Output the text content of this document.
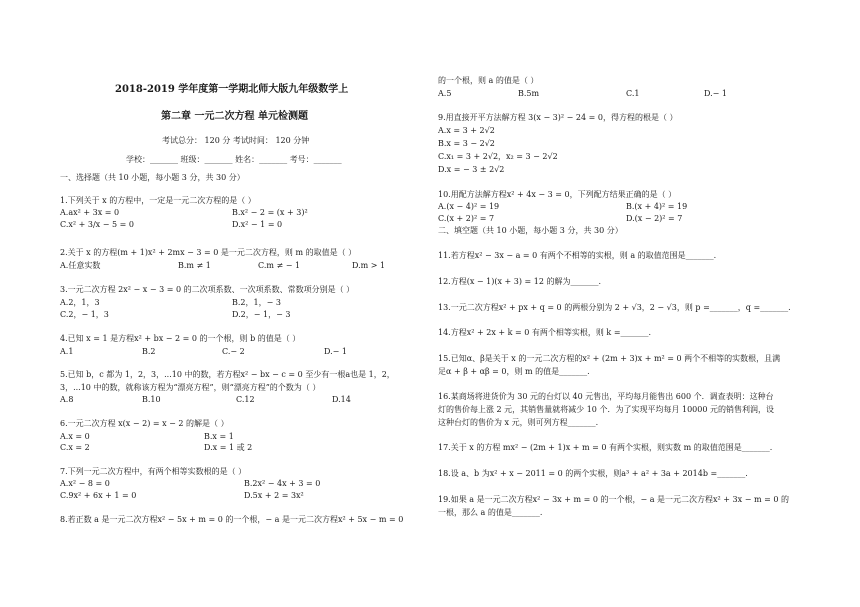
2018-2019 学年度第一学期北师大版九年级数学上
第二章 一元二次方程 单元检测题
考试总分： 120 分 考试时间： 120 分钟
学校：_______ 班级：_______ 姓名：_______ 考号：_______
一、选择题（共 10 小题，每小题 3 分，共 30 分）
1.下列关于 x 的方程中，一定是一元二次方程的是（ ）
A.ax² + 3x = 0	B.x² − 2 = (x + 3)²
C.x² + 3/x − 5 = 0	D.x² − 1 = 0
2.关于 x 的方程(m + 1)x² + 2mx − 3 = 0 是一元二次方程，则 m 的取值是（ ）
A.任意实数	B.m ≠ 1	C.m ≠ − 1	D.m > 1
3.一元二次方程 2x² − x − 3 = 0 的二次项系数、一次项系数、常数项分别是（ ）
A.2，1，3	B.2，1，− 3
C.2，− 1，3	D.2，− 1，− 3
4.已知 x = 1 是方程x² + bx − 2 = 0 的一个根，则 b 的值是（ ）
A.1	B.2	C.− 2	D.− 1
5.已知 b，c 都为 1，2，3，...10 中的数，若方程x² − bx − c = 0 至少有一根a也是 1，2，
3，...10 中的数，就称该方程为“漂亮方程”，则“漂亮方程”的个数为（ ）
A.8	B.10	C.12	D.14
6.一元二次方程 x(x − 2) = x − 2 的解是（ ）
A.x = 0	B.x = 1
C.x = 2	D.x = 1 或 2
7.下列一元二次方程中，有两个相等实数根的是（ ）
A.x² − 8 = 0	B.2x² − 4x + 3 = 0
C.9x² + 6x + 1 = 0	D.5x + 2 = 3x²
8.若正数 a 是一元二次方程x² − 5x + m = 0 的一个根，− a 是一元二次方程x² + 5x − m = 0
的一个根，则 a 的值是（ ）
A.5	B.5m	C.1	D.− 1
9.用直接开平方法解方程 3(x − 3)² − 24 = 0，得方程的根是（ ）
A.x = 3 + 2√2
B.x = 3 − 2√2
C.x₁ = 3 + 2√2，x₂ = 3 − 2√2
D.x = − 3 ± 2√2
10.用配方法解方程x² + 4x − 3 = 0，下列配方结果正确的是（ ）
A.(x − 4)² = 19	B.(x + 4)² = 19
C.(x + 2)² = 7	D.(x − 2)² = 7
二、填空题（共 10 小题，每小题 3 分，共 30 分）
11.若方程x² − 3x − a = 0 有两个不相等的实根，则 a 的取值范围是_______.
12.方程(x − 1)(x + 3) = 12 的解为_______.
13.一元二次方程x² + px + q = 0 的两根分别为 2 + √3，2 − √3，则 p =_______，q =_______.
14.方程x² + 2x + k = 0 有两个相等实根，则 k =_______.
15.已知α、β是关于 x 的一元二次方程的x² + (2m + 3)x + m² = 0 两个不相等的实数根，且满
足α + β + αβ = 0，则 m 的值是_______.
16.某商场将进货价为 30 元的台灯以 40 元售出，平均每月能售出 600 个．调查表明：这种台
灯的售价每上涨 2 元，其销售量就将减少 10 个．为了实现平均每月 10000 元的销售利润，设
这种台灯的售价为 x 元，则可列方程_______.
17.关于 x 的方程 mx² − (2m + 1)x + m = 0 有两个实根，则实数 m 的取值范围是_______.
18.设 a、b 为x² + x − 2011 = 0 的两个实根，则a³ + a² + 3a + 2014b =_______.
19.如果 a 是一元二次方程x² − 3x + m = 0 的一个根，− a 是一元二次方程x² + 3x − m = 0 的
一根，那么 a 的值是_______.
